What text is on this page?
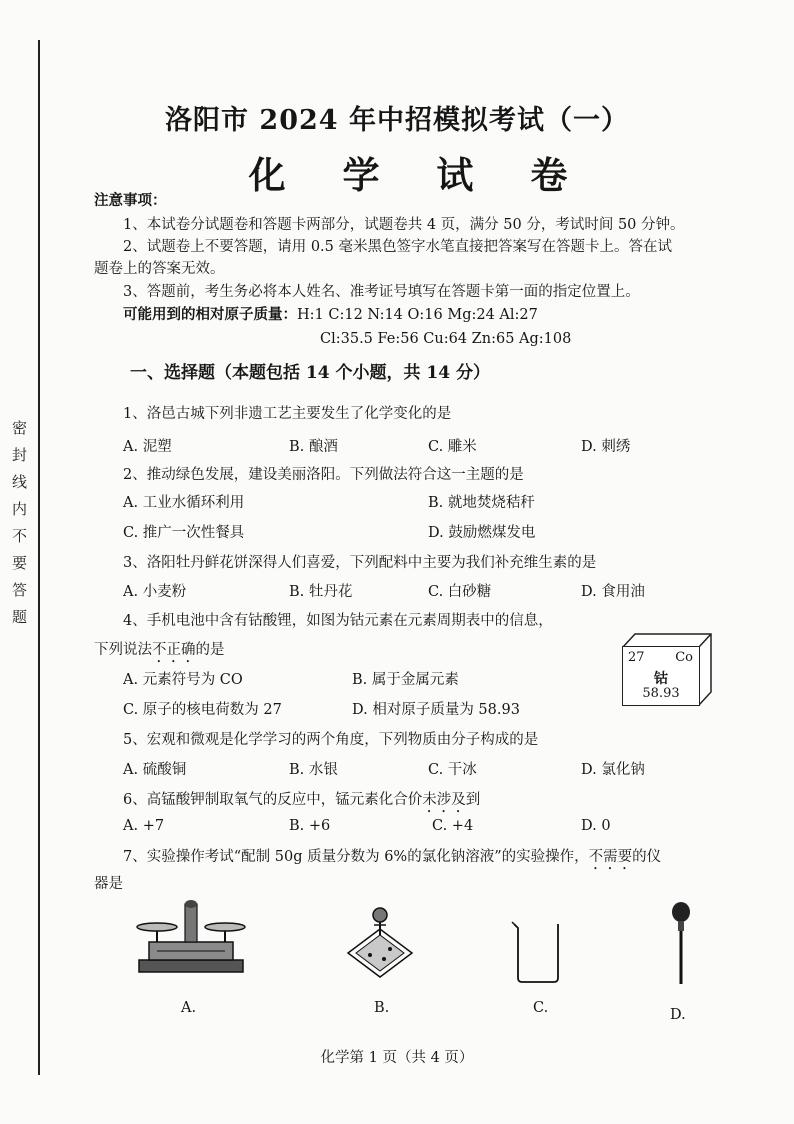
密封线内不要答题
洛阳市 2024 年中招模拟考试（一）
化 学 试 卷
注意事项：
1、本试卷分试题卷和答题卡两部分，试题卷共 4 页，满分 50 分，考试时间 50 分钟。
2、试题卷上不要答题，请用 0.5 毫米黑色签字水笔直接把答案写在答题卡上。答在试
题卷上的答案无效。
3、答题前，考生务必将本人姓名、准考证号填写在答题卡第一面的指定位置上。
可能用到的相对原子质量：H:1 C:12 N:14 O:16 Mg:24 Al:27
Cl:35.5 Fe:56 Cu:64 Zn:65 Ag:108
一、选择题（本题包括 14 个小题，共 14 分）
1、洛邑古城下列非遗工艺主要发生了化学变化的是
A. 泥塑	B. 酿酒	C. 雕米	D. 刺绣
2、推动绿色发展，建设美丽洛阳。下列做法符合这一主题的是
A. 工业水循环利用	B. 就地焚烧秸秆
C. 推广一次性餐具	D. 鼓励燃煤发电
3、洛阳牡丹鲜花饼深得人们喜爱，下列配料中主要为我们补充维生素的是
A. 小麦粉	B. 牡丹花	C. 白砂糖	D. 食用油
4、手机电池中含有钴酸锂，如图为钴元素在元素周期表中的信息，
下列说法不正确的是
A. 元素符号为 CO	B. 属于金属元素
C. 原子的核电荷数为 27	D. 相对原子质量为 58.93
27 Co
钴
58.93
5、宏观和微观是化学学习的两个角度，下列物质由分子构成的是
A. 硫酸铜	B. 水银	C. 干冰	D. 氯化钠
6、高锰酸钾制取氧气的反应中，锰元素化合价未涉及到
A. +7	B. +6	C. +4	D. 0
7、实验操作考试“配制 50g 质量分数为 6%的氯化钠溶液”的实验操作，不需要的仪
器是
A.	B.	C.	D.
化学第 1 页（共 4 页）
